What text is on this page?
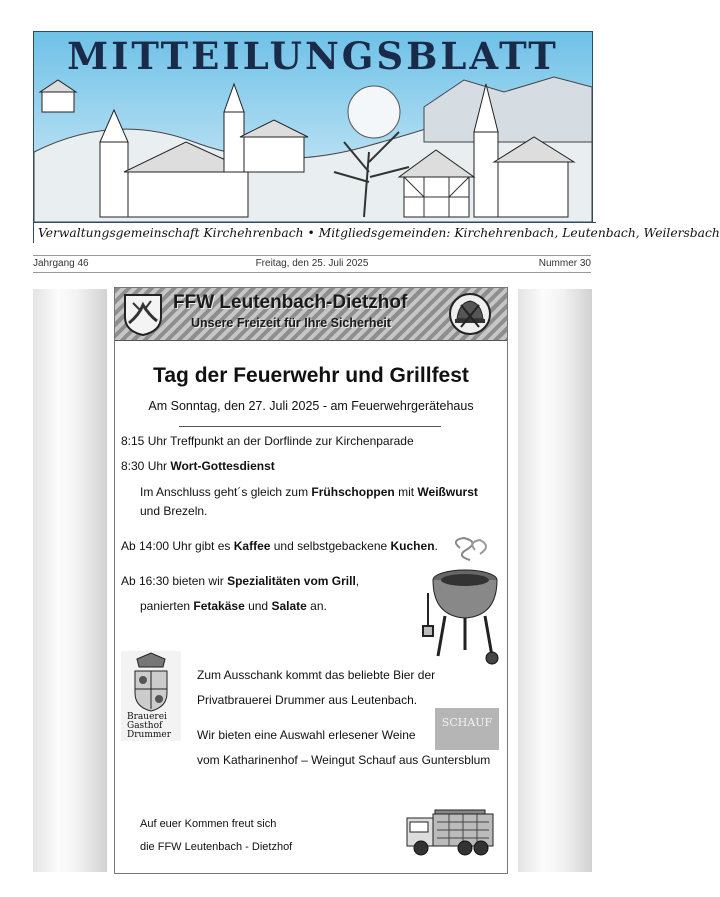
MITTEILUNGSBLATT
Verwaltungsgemeinschaft Kirchehrenbach • Mitgliedsgemeinden: Kirchehrenbach, Leutenbach, Weilersbach
Jahrgang 46	Freitag, den 25. Juli 2025	Nummer 30
FFW Leutenbach-Dietzhof
Unsere Freizeit für Ihre Sicherheit
Tag der Feuerwehr und Grillfest
Am Sonntag, den 27. Juli 2025 - am Feuerwehrgerätehaus
8:15 Uhr Treffpunkt an der Dorflinde zur Kirchenparade
8:30 Uhr Wort-Gottesdienst
Im Anschluss geht´s gleich zum Frühschoppen mit Weißwurst
und Brezeln.
Ab 14:00 Uhr gibt es Kaffee und selbstgebackene Kuchen.
Ab 16:30 bieten wir Spezialitäten vom Grill,
panierten Fetakäse und Salate an.
Brauerei Gasthof Drummer
Zum Ausschank kommt das beliebte Bier der
Privatbrauerei Drummer aus Leutenbach.
Wir bieten eine Auswahl erlesener Weine
vom Katharinenhof – Weingut Schauf aus Guntersblum
SCHAUF
Auf euer Kommen freut sich
die FFW Leutenbach - Dietzhof
